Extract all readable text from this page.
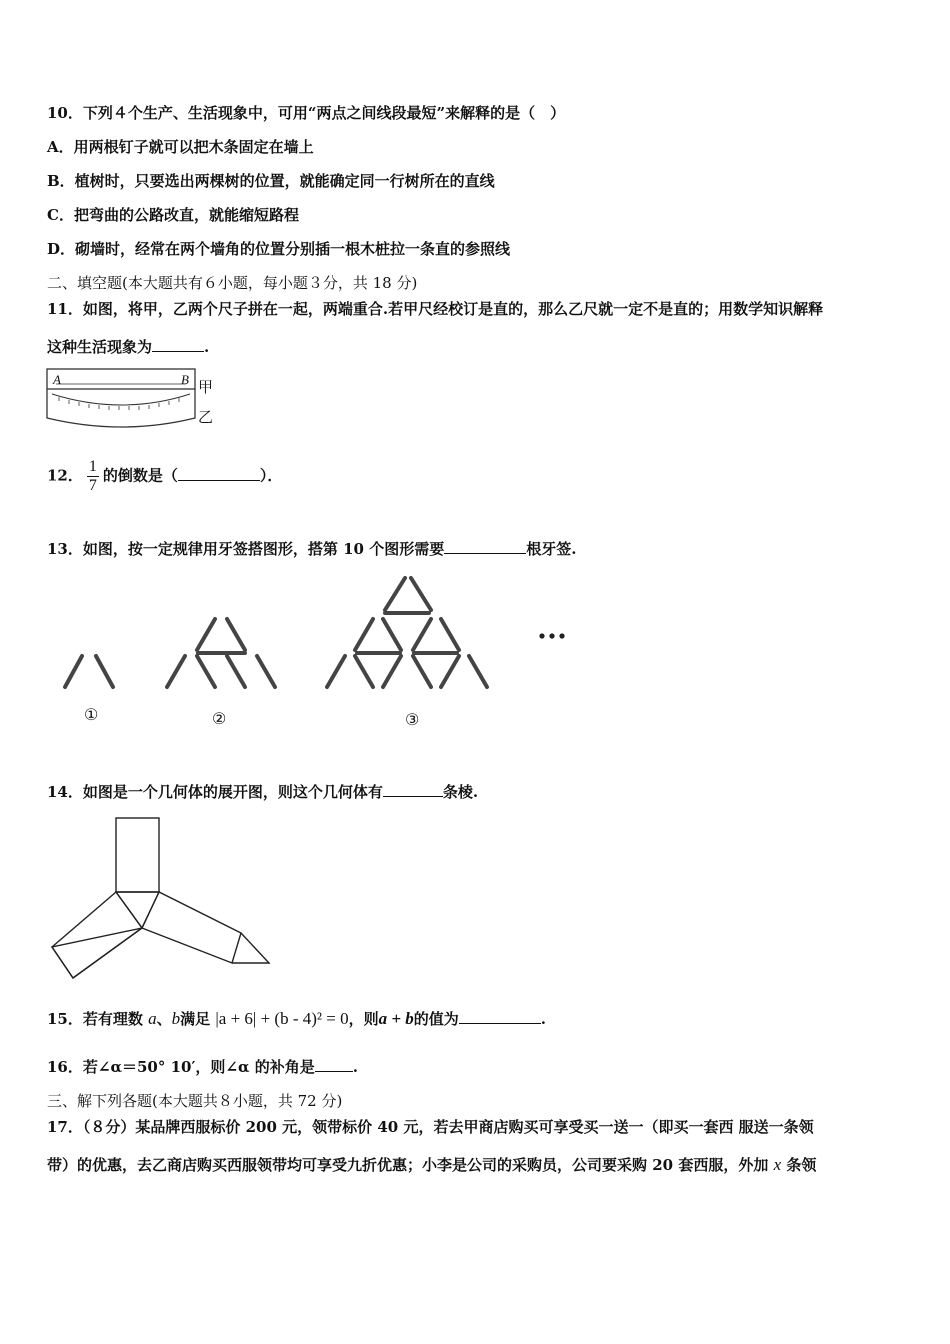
10．下列４个生产、生活现象中，可用“两点之间线段最短”来解释的是（　）
A．用两根钉子就可以把木条固定在墙上
B．植树时，只要选出两棵树的位置，就能确定同一行树所在的直线
C．把弯曲的公路改直，就能缩短路程
D．砌墙时，经常在两个墙角的位置分别插一根木桩拉一条直的参照线
二、填空题(本大题共有６小题，每小题３分，共 18 分)
11．如图，将甲，乙两个尺子拼在一起，两端重合.若甲尺经校订是直的，那么乙尺就一定不是直的；用数学知识解释
这种生活现象为	.
A	B
甲
乙
12． $\frac{1}{7}$ 的倒数是（	）．
13．如图，按一定规律用牙签搭图形，搭第 10 个图形需要	根牙签.
①	②	③
14．如图是一个几何体的展开图，则这个几何体有	条棱.
15．若有理数 a、b满足 |a + 6| + (b - 4)² = 0，则a + b的值为	.
16．若∠α＝50° 10′，则∠α 的补角是	.
三、解下列各题(本大题共８小题，共 72 分)
17．（８分）某品牌西服标价 200 元，领带标价 40 元，若去甲商店购买可享受买一送一（即买一套西 服送一条领
带）的优惠，去乙商店购买西服领带均可享受九折优惠；小李是公司的采购员，公司要采购 20 套西服，外加 x 条领
